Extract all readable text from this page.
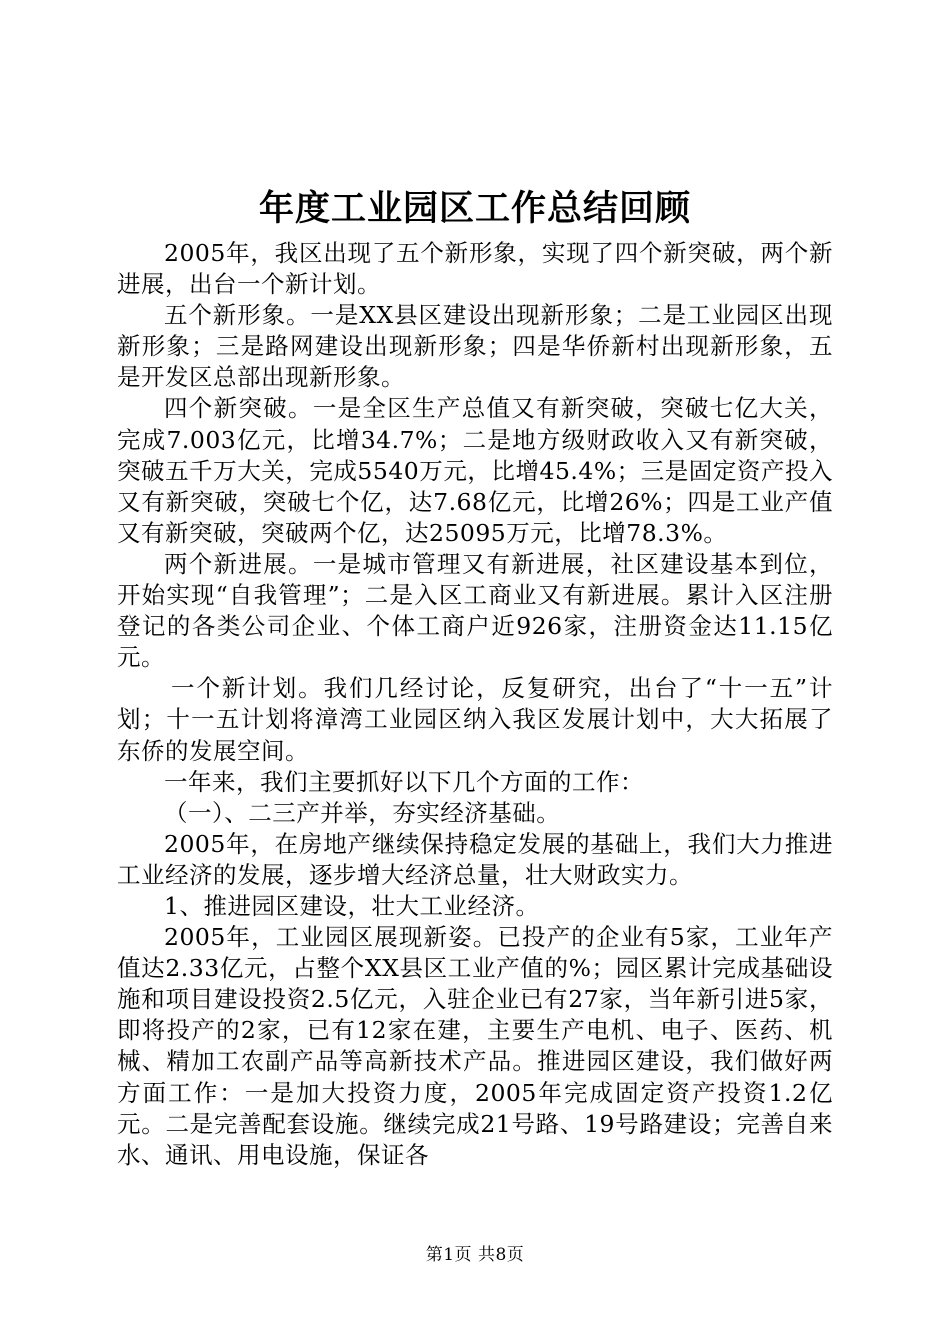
年度工业园区工作总结回顾

2005年，我区出现了五个新形象，实现了四个新突破，两个新进展，出台一个新计划。

五个新形象。一是XX县区建设出现新形象；二是工业园区出现新形象；三是路网建设出现新形象；四是华侨新村出现新形象，五是开发区总部出现新形象。

四个新突破。一是全区生产总值又有新突破，突破七亿大关，完成7.003亿元，比增34.7%；二是地方级财政收入又有新突破，突破五千万大关，完成5540万元，比增45.4%；三是固定资产投入又有新突破，突破七个亿，达7.68亿元，比增26%；四是工业产值又有新突破，突破两个亿，达25095万元，比增78.3%。

两个新进展。一是城市管理又有新进展，社区建设基本到位，开始实现“自我管理”；二是入区工商业又有新进展。累计入区注册登记的各类公司企业、个体工商户近926家，注册资金达11.15亿元。

一个新计划。我们几经讨论，反复研究，出台了“十一五”计划；十一五计划将漳湾工业园区纳入我区发展计划中，大大拓展了东侨的发展空间。

一年来，我们主要抓好以下几个方面的工作：

（一）、二三产并举，夯实经济基础。

2005年，在房地产继续保持稳定发展的基础上，我们大力推进工业经济的发展，逐步增大经济总量，壮大财政实力。

1、推进园区建设，壮大工业经济。

2005年，工业园区展现新姿。已投产的企业有5家，工业年产值达2.33亿元，占整个XX县区工业产值的%；园区累计完成基础设施和项目建设投资2.5亿元，入驻企业已有27家，当年新引进5家，即将投产的2家，已有12家在建，主要生产电机、电子、医药、机械、精加工农副产品等高新技术产品。推进园区建设，我们做好两方面工作：一是加大投资力度，2005年完成固定资产投资1.2亿元。二是完善配套设施。继续完成21号路、19号路建设；完善自来水、通讯、用电设施，保证各

第1页 共8页
